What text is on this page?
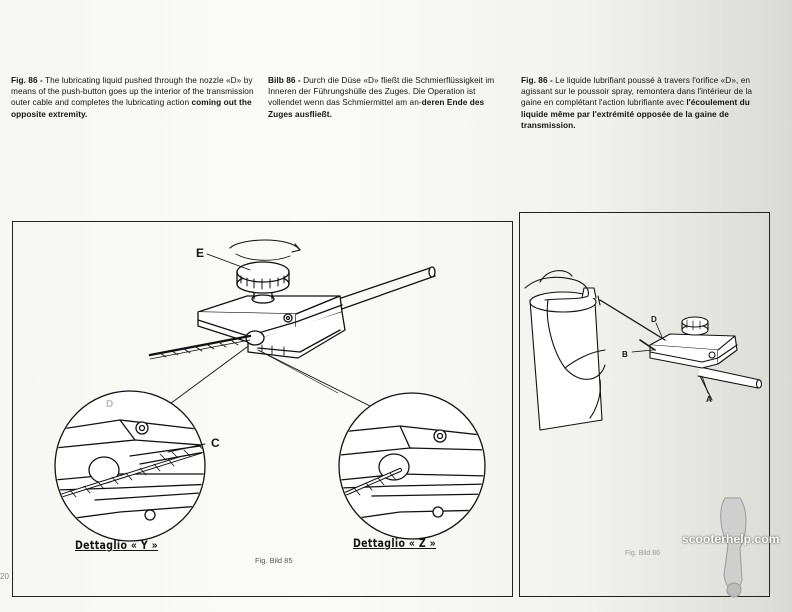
Fig. 86 - The lubricating liquid pushed through the nozzle «D» by means of the push-button goes up the interior of the transmission outer cable and completes the lubricating action coming out the opposite extremity.
Bilb 86 - Durch die Düse «D» fließt die Schmierflüssigkeit im Inneren der Führungshülle des Zuges. Die Operation ist vollendet wenn das Schmiermittel am an-deren Ende des Zuges ausfließt.
Fig. 86 - Le liquide lubrifiant poussé à travers l'orifice «D», en agissant sur le poussoir spray, remontera dans l'intérieur de la gaine en complétant l'action lubrifiante avec l'écoulement du liquide même par l'extrémité opposée de la gaine de transmission.
E
C
D
D
B
A
Dettaglio « Y »	Dettaglio « Z »
Fig. Bild 85
Fig. Bild 86
20
scooterhelp.com
